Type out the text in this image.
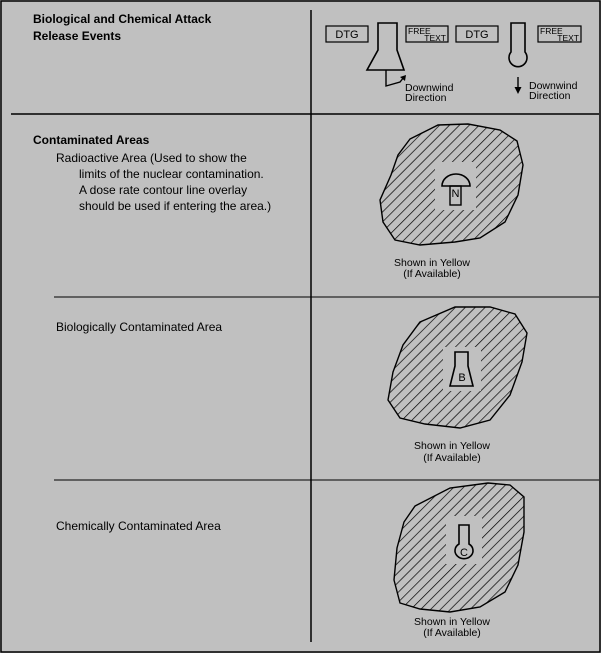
DTG	FREE
TEXT
Downwind
Direction
DTG	FREE
TEXT
Downwind
Direction
N
B
C
Biological and Chemical Attack
Release Events
Contaminated Areas
Radioactive Area (Used to show the
limits of the nuclear contamination.
A dose rate contour line overlay
should be used if entering the area.)
Biologically Contaminated Area
Chemically Contaminated Area
Shown in Yellow
(If Available)
Shown in Yellow
(If Available)
Shown in Yellow
(If Available)
